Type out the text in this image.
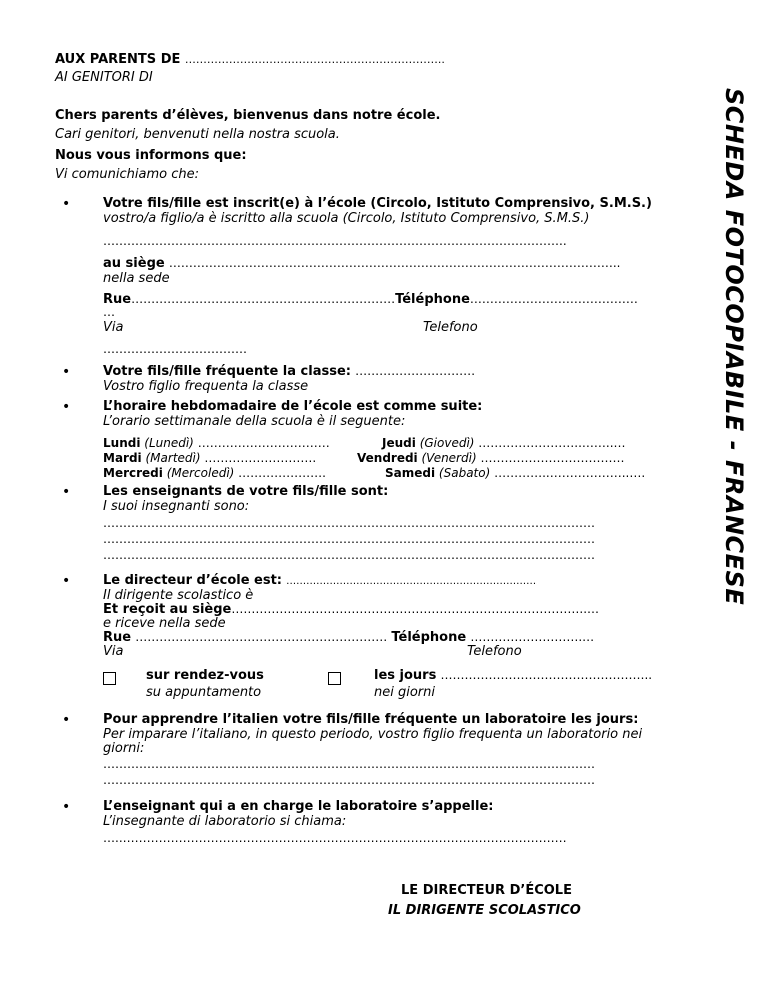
AUX PARENTS DE ……………………………………………………………..
AI GENITORI DI
SCHEDA FOTOCOPIABILE - FRANCESE
Chers parents d’élèves, bienvenus dans notre école.
Cari genitori, benvenuti nella nostra scuola.
Nous vous informons que:
Vi comunichiamo che:
•	Votre fils/fille est inscrit(e) à l’école (Circolo, Istituto Comprensivo, S.M.S.)
vostro/a figlio/a è iscritto alla scuola (Circolo, Istituto Comprensivo, S.M.S.)
……………………………………………………………………………………………………..
au siège …………………………………………………………………………………………………..
nella sede
Rue…………………………………………………………Téléphone……………………………………
…
Via	Telefono
………………………………
•	Votre fils/fille fréquente la classe: …………………………
Vostro figlio frequenta la classe
•	L’horaire hebdomadaire de l’école est comme suite:
L’orario settimanale della scuola è il seguente:
Lundi (Lunedì) ……………………………	Jeudi (Giovedì) ……………………..……..…
Mardi (Martedì) ……………………….	Vendredi (Venerdì) ………………………………
Mercredi (Mercoledì) ………………….	Samedi (Sabato) …………..………………..….
•	Les enseignants de votre fils/fille sont:
I suoi insegnanti sono:
……………………………………………………………………………………………………………
……………………………………………………………………………………………………………
……………………………………………………………………………………………………………
•	Le directeur d’école est: …………………………………………………………………
Il dirigente scolastico è
Et reçoit au siège……………………………………………………………………………..…
e riceve nella sede
Rue ……………………………………………………… Téléphone ……………………….…
Via	Telefono
sur rendez-vous
su appuntamento
les jours ……………………………………………..
nei giorni
•	Pour apprendre l’italien votre fils/fille fréquente un laboratoire les jours:
Per imparare l’italiano, in questo periodo, vostro figlio frequenta un laboratorio nei
giorni:
……………………………………………………………………………………………………………
……………………………………………………………………………………………………………
•	L’enseignant qui a en charge le laboratoire s’appelle:
L’insegnante di laboratorio si chiama:
…..…………………………………………………………………………………………………
LE DIRECTEUR D’ÉCOLE
IL DIRIGENTE SCOLASTICO
